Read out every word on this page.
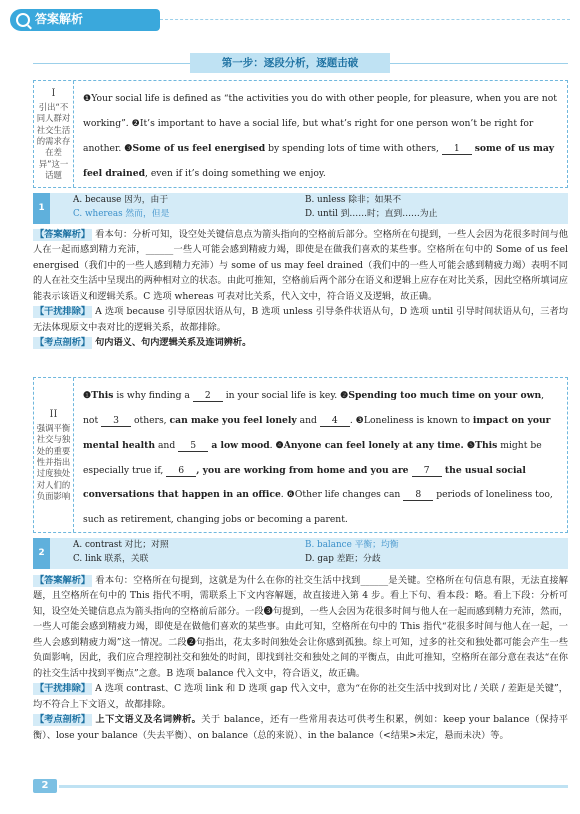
答案解析
第一步：逐段分析，逐题击破
I
引出“不同人群对社交生活的需求存在差异”这一话题
❶Your social life is defined as “the activities you do with other people, for pleasure, when you are not working”. ❷It’s important to have a social life, but what’s right for one person won’t be right for another. ❸Some of us feel energised by spending lots of time with others, 1 some of us may feel drained, even if it’s doing something we enjoy.
1
A. because 因为，由于	B. unless 除非；如果不
C. whereas 然而，但是	D. until 到……时；直到……为止
【答案解析】 看本句：分析可知，设空处关键信息点为箭头指向的空格前后部分。空格所在句提到，一些人会因为花很多时间与他人在一起而感到精力充沛，______一些人可能会感到精疲力竭，即使是在做我们喜欢的某些事。空格所在句中的 Some of us feel energised（我们中的一些人感到精力充沛）与 some of us may feel drained（我们中的一些人可能会感到精疲力竭）表明不同的人在社交生活中呈现出的两种相对立的状态。由此可推知，空格前后两个部分在语义和逻辑上应存在对比关系，因此空格所填词应能表示该语义和逻辑关系。C 选项 whereas 可表对比关系，代入文中，符合语义及逻辑，故正确。
【干扰排除】 A 选项 because 引导原因状语从句，B 选项 unless 引导条件状语从句，D 选项 until 引导时间状语从句，三者均无法体现原文中表对比的逻辑关系，故都排除。
【考点剖析】 句内语义、句内逻辑关系及连词辨析。
II
强调平衡社交与独处的重要性并指出过度独处对人们的负面影响
❶This is why finding a 2 in your social life is key. ❷Spending too much time on your own, not 3 others, can make you feel lonely and 4 . ❸Loneliness is known to impact on your mental health and 5 a low mood. ❹Anyone can feel lonely at any time. ❺This might be especially true if, 6 , you are working from home and you are 7 the usual social conversations that happen in an office. ❻Other life changes can 8 periods of loneliness too, such as retirement, changing jobs or becoming a parent.
2
A. contrast 对比；对照	B. balance 平衡；均衡
C. link 联系，关联	D. gap 差距；分歧
【答案解析】 看本句：空格所在句提到，这就是为什么在你的社交生活中找到______是关键。空格所在句信息有限，无法直接解题，且空格所在句中的 This 指代不明，需联系上下文内容解题，故直接进入第 4 步。看上下句、看本段：略。看上下段：分析可知，设空处关键信息点为箭头指向的空格前后部分。一段❸句提到，一些人会因为花很多时间与他人在一起而感到精力充沛，然而，一些人可能会感到精疲力竭，即使是在做他们喜欢的某些事。由此可知，空格所在句中的 This 指代“花很多时间与他人在一起，一些人会感到精疲力竭”这一情况。二段❷句指出，花太多时间独处会让你感到孤独。综上可知，过多的社交和独处都可能会产生一些负面影响，因此，我们应合理控制社交和独处的时间，即找到社交和独处之间的平衡点，由此可推知，空格所在部分意在表达“在你的社交生活中找到平衡点”之意。B 选项 balance 代入文中，符合语义，故正确。
【干扰排除】 A 选项 contrast、C 选项 link 和 D 选项 gap 代入文中，意为“在你的社交生活中找到对比 / 关联 / 差距是关键”，均不符合上下文语义，故都排除。
【考点剖析】 上下文语义及名词辨析。关于 balance，还有一些常用表达可供考生积累，例如：keep your balance（保持平衡）、lose your balance（失去平衡）、on balance（总的来说）、in the balance（<结果>未定，悬而未决）等。
2
